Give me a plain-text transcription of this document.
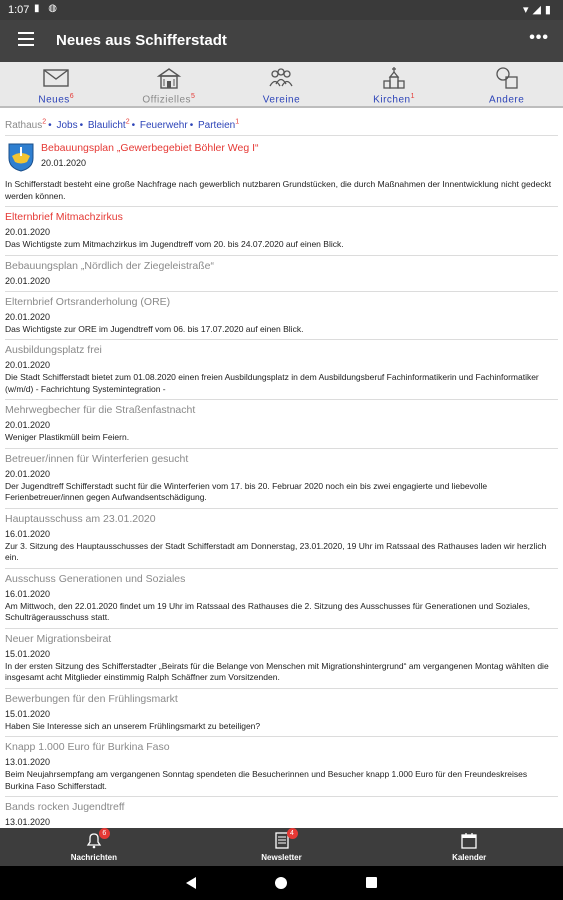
1:07 ▮ ◍	▾◢▮
Neues aus Schifferstadt	•••
Neues$^6$	Offizielles$^5$	Vereine	Kirchen$^1$	Andere
Rathaus$^2$ • Jobs • Blaulicht$^2$ • Feuerwehr • Parteien$^1$
Bebauungsplan „Gewerbegebiet Böhler Weg I“
20.01.2020
In Schifferstadt besteht eine große Nachfrage nach gewerblich nutzbaren Grundstücken, die durch Maßnahmen der Innentwicklung nicht gedeckt werden können.
Elternbrief Mitmachzirkus
20.01.2020
Das Wichtigste zum Mitmachzirkus im Jugendtreff vom 20. bis 24.07.2020 auf einen Blick.
Bebauungsplan „Nördlich der Ziegeleistraße“
20.01.2020
Elternbrief Ortsranderholung (ORE)
20.01.2020
Das Wichtigste zur ORE im Jugendtreff vom 06. bis 17.07.2020 auf einen Blick.
Ausbildungsplatz frei
20.01.2020
Die Stadt Schifferstadt bietet zum 01.08.2020 einen freien Ausbildungsplatz in dem Ausbildungsberuf Fachinformatikerin und Fachinformatiker (w/m/d) - Fachrichtung Systemintegration -
Mehrwegbecher für die Straßenfastnacht
20.01.2020
Weniger Plastikmüll beim Feiern.
Betreuer/innen für Winterferien gesucht
20.01.2020
Der Jugendtreff Schifferstadt sucht für die Winterferien vom 17. bis 20. Februar 2020 noch ein bis zwei engagierte und liebevolle Ferienbetreuer/innen gegen Aufwandsentschädigung.
Hauptausschuss am 23.01.2020
16.01.2020
Zur 3. Sitzung des Hauptausschusses der Stadt Schifferstadt am Donnerstag, 23.01.2020, 19 Uhr im Ratssaal des Rathauses laden wir herzlich ein.
Ausschuss Generationen und Soziales
16.01.2020
Am Mittwoch, den 22.01.2020 findet um 19 Uhr im Ratssaal des Rathauses die 2. Sitzung des Ausschusses für Generationen und Soziales, Schulträgerausschuss statt.
Neuer Migrationsbeirat
15.01.2020
In der ersten Sitzung des Schifferstadter „Beirats für die Belange von Menschen mit Migrationshintergrund“ am vergangenen Montag wählten die insgesamt acht Mitglieder einstimmig Ralph Schäffner zum Vorsitzenden.
Bewerbungen für den Frühlingsmarkt
15.01.2020
Haben Sie Interesse sich an unserem Frühlingsmarkt zu beteiligen?
Knapp 1.000 Euro für Burkina Faso
13.01.2020
Beim Neujahrsempfang am vergangenen Sonntag spendeten die Besucherinnen und Besucher knapp 1.000 Euro für den Freundeskreises Burkina Faso Schifferstadt.
Bands rocken Jugendtreff
13.01.2020
6
Nachrichten
4
Newsletter	Kalender
